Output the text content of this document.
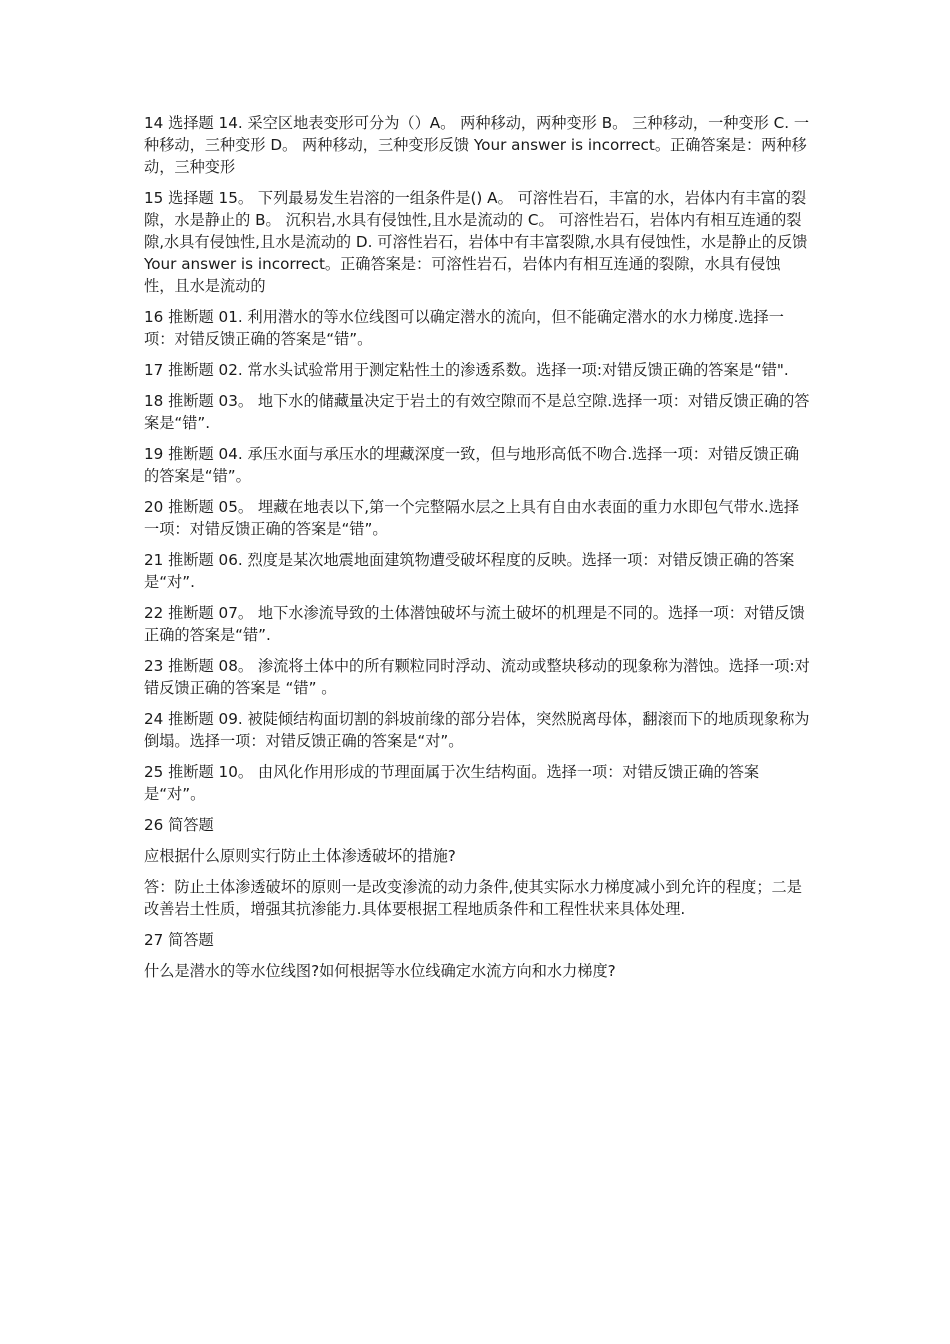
14 选择题 14. 采空区地表变形可分为（）A。 两种移动，两种变形 B。 三种移动，一种变形 C. 一种移动，三种变形 D。 两种移动，三种变形反馈 Your answer is incorrect。正确答案是：两种移动，三种变形

15 选择题 15。 下列最易发生岩溶的一组条件是() A。 可溶性岩石，丰富的水，岩体内有丰富的裂隙，水是静止的 B。 沉积岩,水具有侵蚀性,且水是流动的 C。 可溶性岩石，岩体内有相互连通的裂隙,水具有侵蚀性,且水是流动的 D. 可溶性岩石，岩体中有丰富裂隙,水具有侵蚀性，水是静止的反馈 Your answer is incorrect。正确答案是：可溶性岩石，岩体内有相互连通的裂隙，水具有侵蚀性，且水是流动的

16 推断题 01. 利用潜水的等水位线图可以确定潜水的流向，但不能确定潜水的水力梯度.选择一项：对错反馈正确的答案是“错”。

17 推断题 02. 常水头试验常用于测定粘性土的渗透系数。选择一项:对错反馈正确的答案是“错".

18 推断题 03。 地下水的储藏量决定于岩土的有效空隙而不是总空隙.选择一项：对错反馈正确的答案是“错”.

19 推断题 04. 承压水面与承压水的埋藏深度一致，但与地形高低不吻合.选择一项：对错反馈正确的答案是“错”。

20 推断题 05。 埋藏在地表以下,第一个完整隔水层之上具有自由水表面的重力水即包气带水.选择一项：对错反馈正确的答案是“错”。

21 推断题 06. 烈度是某次地震地面建筑物遭受破坏程度的反映。选择一项：对错反馈正确的答案是“对”.

22 推断题 07。 地下水渗流导致的土体潜蚀破坏与流土破坏的机理是不同的。选择一项：对错反馈正确的答案是“错”.

23 推断题 08。 渗流将土体中的所有颗粒同时浮动、流动或整块移动的现象称为潜蚀。选择一项:对错反馈正确的答案是 “错” 。

24 推断题 09. 被陡倾结构面切割的斜坡前缘的部分岩体，突然脱离母体，翻滚而下的地质现象称为倒塌。选择一项：对错反馈正确的答案是“对”。

25 推断题 10。 由风化作用形成的节理面属于次生结构面。选择一项：对错反馈正确的答案是“对”。

26 简答题

应根据什么原则实行防止土体渗透破坏的措施?

答：防止土体渗透破坏的原则一是改变渗流的动力条件,使其实际水力梯度减小到允许的程度；二是改善岩土性质，增强其抗渗能力.具体要根据工程地质条件和工程性状来具体处理.

27 简答题

什么是潜水的等水位线图?如何根据等水位线确定水流方向和水力梯度?
